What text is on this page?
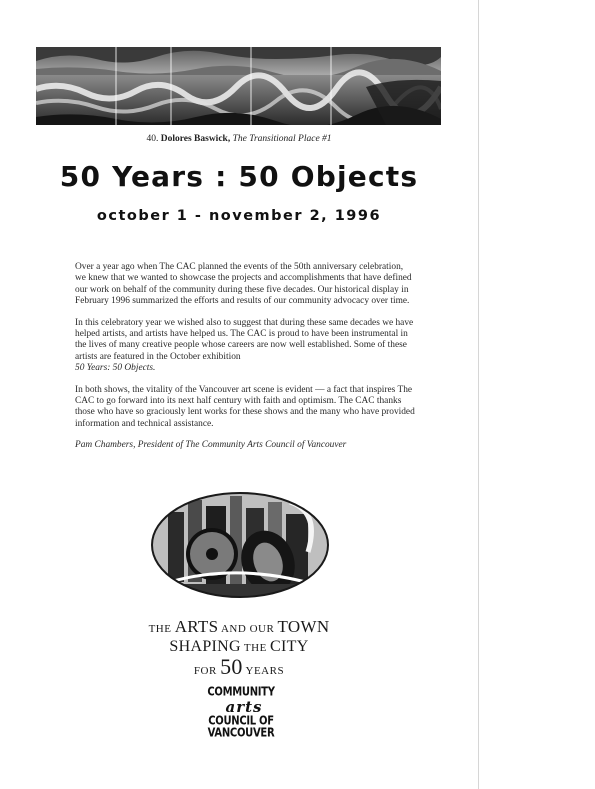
40. Dolores Baswick, The Transitional Place #1
50 Years : 50 Objects
october 1 - november 2, 1996

Over a year ago when The CAC planned the events of the 50th anniversary celebration, we knew that we wanted to showcase the projects and accomplishments that have defined our work on behalf of the community during these five decades. Our historical display in February 1996 summarized the efforts and results of our community advocacy over time.

In this celebratory year we wished also to suggest that during these same decades we have helped artists, and artists have helped us. The CAC is proud to have been instrumental in the lives of many creative people whose careers are now well established. Some of these artists are featured in the October exhibition
50 Years: 50 Objects.

In both shows, the vitality of the Vancouver art scene is evident — a fact that inspires The CAC to go forward into its next half century with faith and optimism. The CAC thanks those who have so graciously lent works for these shows and the many who have provided information and technical assistance.

Pam Chambers, President of The Community Arts Council of Vancouver

THE ARTS AND OUR TOWN
SHAPING THE CITY
FOR 50 YEARS
COMMUNITY
arts
COUNCIL OF
VANCOUVER
